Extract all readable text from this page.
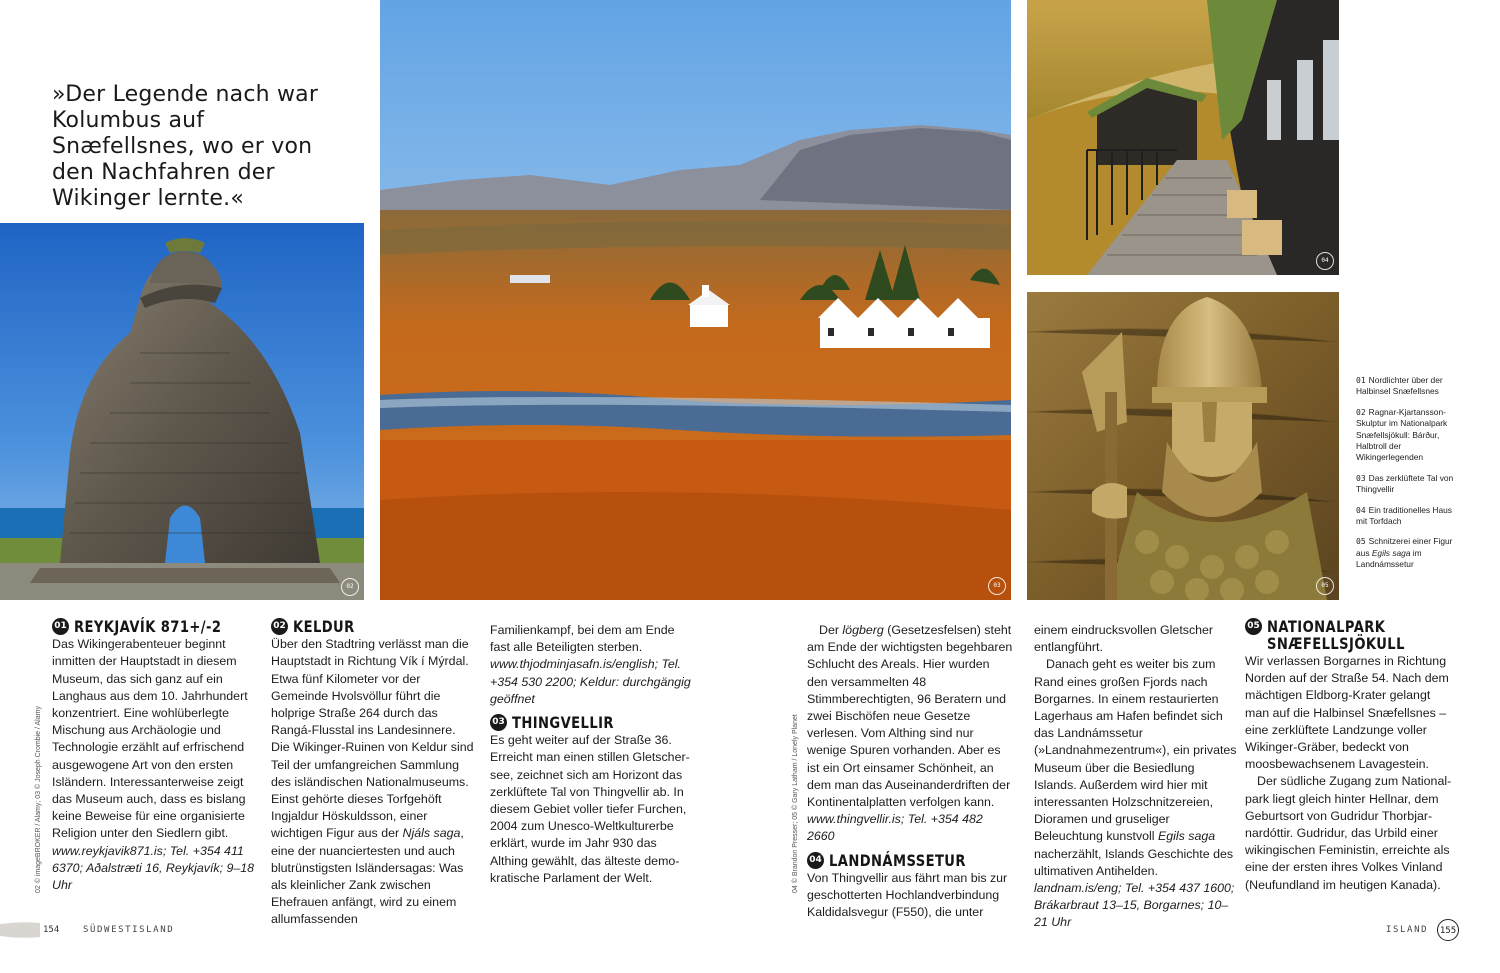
»Der Legende nach war Kolumbus auf Snæfellsnes, wo er von den Nachfahren der Wikinger lernte.«
02	03
04
05
01 Nordlichter über der Halbinsel Snæfellsnes
02 Ragnar-Kjartansson-Skulptur im Nationalpark Snæfellsjökull: Bárður, Halbtroll der Wikingerlegenden
03 Das zerklüftete Tal von Thingvellir
04 Ein traditionelles Haus mit Torfdach
05 Schnitzerei einer Figur aus Egils saga im Landnámssetur
02 © imageBROKER / Alamy; 03 © Joseph Crombie / Alamy	04 © Brandon Presser; 05 © Gary Latham / Lonely Planet
01 REYKJAVÍK 871+/-2

Das Wikingerabenteuer beginnt inmitten der Hauptstadt in diesem Museum, das sich ganz auf ein Langhaus aus dem 10. Jahrhundert konzentriert. Eine wohlüberlegte Mischung aus Archäologie und Technologie erzählt auf erfrischend ausgewogene Art von den ersten Isländern. Interessanterweise zeigt das Museum auch, dass es bislang keine Beweise für eine organisierte Religion unter den Siedlern gibt.

www.reykjavik871.is; Tel. +354 411 6370; Aðalstræti 16, Reykjavík; 9–18 Uhr

02 KELDUR

Über den Stadtring verlässt man die Hauptstadt in Richtung Vík í Mýrdal. Etwa fünf Kilometer vor der Gemeinde Hvolsvöllur führt die holprige Straße 264 durch das Rangá-Flusstal ins Landesinnere. Die Wikinger-Ruinen von Keldur sind Teil der umfangreichen Sammlung des isländischen Nationalmuseums. Einst gehörte dieses Torfgehöft Ingjaldur Höskuldsson, einer wichtigen Figur aus der Njáls saga, eine der nuanciertesten und auch blutrünstigsten Isländersagas: Was als kleinlicher Zank zwischen Ehefrauen anfängt, wird zu einem allumfassenden

Familienkampf, bei dem am Ende fast alle Beteiligten sterben.

www.thjodminjasafn.is/english; Tel. +354 530 2200; Keldur: durchgängig geöffnet

03 THINGVELLIR

Es geht weiter auf der Straße 36. Erreicht man einen stillen Gletschersee, zeichnet sich am Horizont das zerklüftete Tal von Thingvellir ab. In diesem Gebiet voller tiefer Furchen, 2004 zum Unesco-Weltkulturerbe erklärt, wurde im Jahr 930 das Althing gewählt, das älteste demokratische Parlament der Welt.

Der lögberg (Gesetzesfelsen) steht am Ende der wichtigsten begehbaren Schlucht des Areals. Hier wurden den versammelten 48 Stimmberechtigten, 96 Beratern und zwei Bischöfen neue Gesetze verlesen. Vom Althing sind nur wenige Spuren vorhanden. Aber es ist ein Ort einsamer Schönheit, an dem man das Auseinanderdriften der Kontinentalplatten verfolgen kann.

www.thingvellir.is; Tel. +354 482 2660

04 LANDNÁMSSETUR

Von Thingvellir aus fährt man bis zur geschotterten Hochlandverbindung Kaldidalsvegur (F550), die unter

einem eindrucksvollen Gletscher entlangführt.

Danach geht es weiter bis zum Rand eines großen Fjords nach Borgarnes. In einem restaurierten Lagerhaus am Hafen befindet sich das Landnámssetur (»Landnahmezentrum«), ein privates Museum über die Besiedlung Islands. Außerdem wird hier mit interessanten Holzschnitzereien, Dioramen und gruseliger Beleuchtung kunstvoll Egils saga nacherzählt, Islands Geschichte des ultimativen Antihelden.

landnam.is/eng; Tel. +354 437 1600; Brákarbraut 13–15, Borgarnes; 10–21 Uhr

05 NATIONALPARK SNÆFELLSJÖKULL

Wir verlassen Borgarnes in Richtung Norden auf der Straße 54. Nach dem mächtigen Eldborg-Krater gelangt man auf die Halbinsel Snæfellsnes – eine zerklüftete Landzunge voller Wikinger-Gräber, bedeckt von moosbewachsenem Lavagestein.

Der südliche Zugang zum Nationalpark liegt gleich hinter Hellnar, dem Geburtsort von Gudridur Thorbjarnardóttir. Gudridur, das Urbild einer wikingischen Feministin, erreichte als eine der ersten ihres Volkes Vinland (Neufundland im heutigen Kanada).

154	SÜDWESTISLAND	ISLAND	155
